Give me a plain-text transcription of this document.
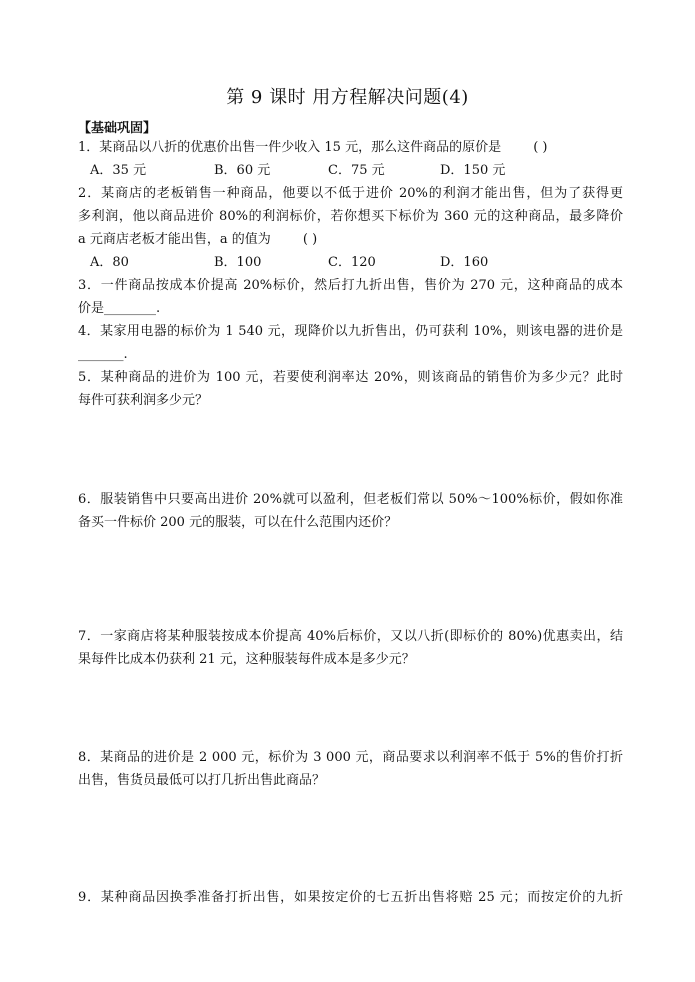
第 9 课时 用方程解决问题(4)
【基础巩固】
1．某商品以八折的优惠价出售一件少收入 15 元，那么这件商品的原价是 ( )
A．35 元	B．60 元	C．75 元	D．150 元
2．某商店的老板销售一种商品，他要以不低于进价 20%的利润才能出售，但为了获得更
多利润，他以商品进价 80%的利润标价，若你想买下标价为 360 元的这种商品，最多降价
a 元商店老板才能出售，a 的值为 ( )
A．80	B．100	C．120	D．160
3．一件商品按成本价提高 20%标价，然后打九折出售，售价为 270 元，这种商品的成本
价是________.
4．某家用电器的标价为 1 540 元，现降价以九折售出，仍可获利 10%，则该电器的进价是
_______.
5．某种商品的进价为 100 元，若要使利润率达 20%，则该商品的销售价为多少元？此时
每件可获利润多少元？
6．服装销售中只要高出进价 20%就可以盈利，但老板们常以 50%～100%标价，假如你准
备买一件标价 200 元的服装，可以在什么范围内还价？
7．一家商店将某种服装按成本价提高 40%后标价，又以八折(即标价的 80%)优惠卖出，结
果每件比成本仍获利 21 元，这种服装每件成本是多少元？
8．某商品的进价是 2 000 元，标价为 3 000 元，商品要求以利润率不低于 5%的售价打折
出售，售货员最低可以打几折出售此商品？
9．某种商品因换季准备打折出售，如果按定价的七五折出售将赔 25 元；而按定价的九折
